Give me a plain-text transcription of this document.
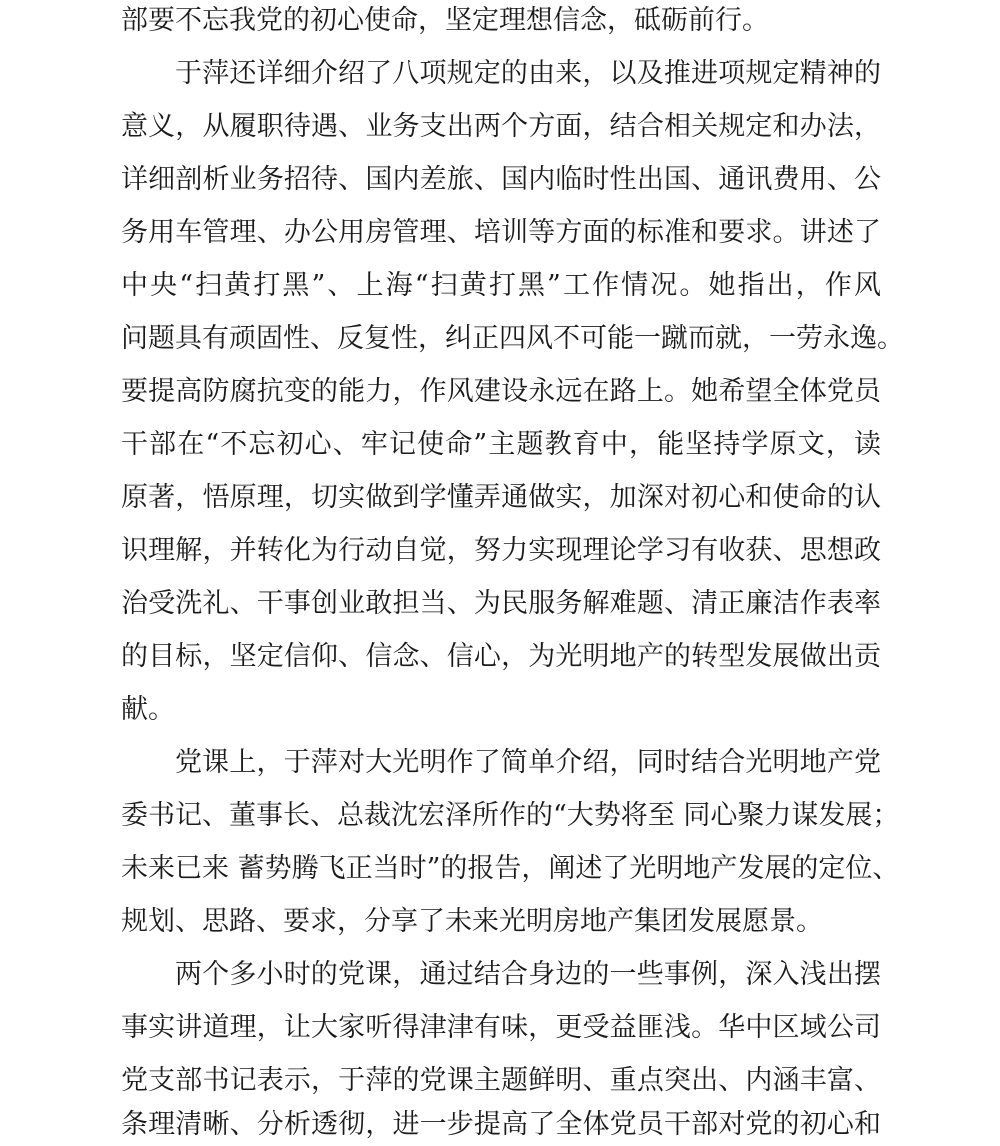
部要不忘我党的初心使命，坚定理想信念，砥砺前行。
于萍还详细介绍了八项规定的由来，以及推进项规定精神的
意义，从履职待遇、业务支出两个方面，结合相关规定和办法，
详细剖析业务招待、国内差旅、国内临时性出国、通讯费用、公
务用车管理、办公用房管理、培训等方面的标准和要求。讲述了
中央“扫黄打黑”、上海“扫黄打黑”工作情况。她指出，作风
问题具有顽固性、反复性，纠正四风不可能一蹴而就，一劳永逸。
要提高防腐抗变的能力，作风建设永远在路上。她希望全体党员
干部在“不忘初心、牢记使命”主题教育中，能坚持学原文，读
原著，悟原理，切实做到学懂弄通做实，加深对初心和使命的认
识理解，并转化为行动自觉，努力实现理论学习有收获、思想政
治受洗礼、干事创业敢担当、为民服务解难题、清正廉洁作表率
的目标，坚定信仰、信念、信心，为光明地产的转型发展做出贡
献。
党课上，于萍对大光明作了简单介绍，同时结合光明地产党
委书记、董事长、总裁沈宏泽所作的“大势将至 同心聚力谋发展；
未来已来 蓄势腾飞正当时”的报告，阐述了光明地产发展的定位、
规划、思路、要求，分享了未来光明房地产集团发展愿景。
两个多小时的党课，通过结合身边的一些事例，深入浅出摆
事实讲道理，让大家听得津津有味，更受益匪浅。华中区域公司
党支部书记表示，于萍的党课主题鲜明、重点突出、内涵丰富、
条理清晰、分析透彻，进一步提高了全体党员干部对党的初心和
